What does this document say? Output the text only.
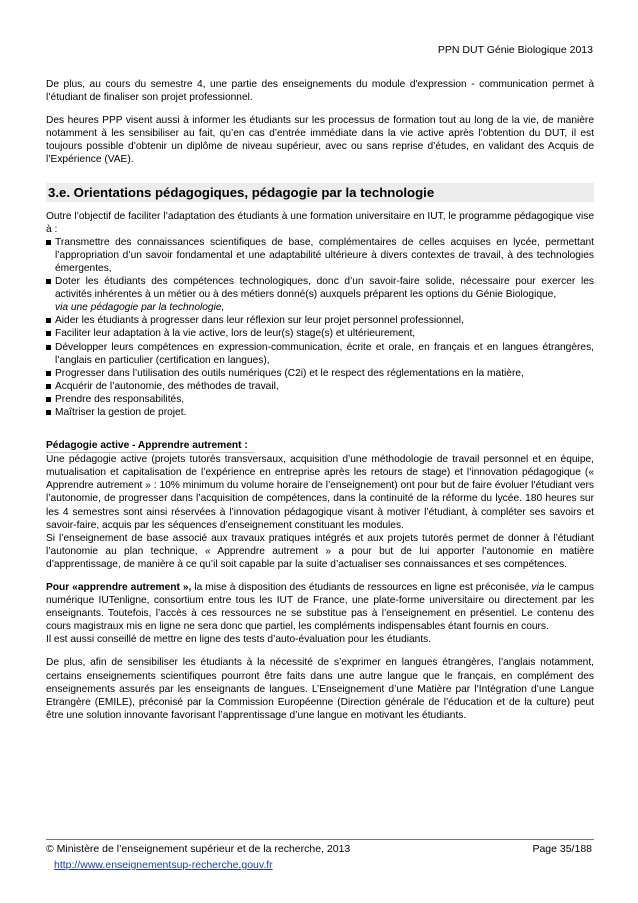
PPN DUT Génie Biologique 2013

De plus, au cours du semestre 4, une partie des enseignements du module d'expression - communication permet à l’étudiant de finaliser son projet professionnel.

Des heures PPP visent aussi à informer les étudiants sur les processus de formation tout au long de la vie, de manière notamment à les sensibiliser au fait, qu’en cas d’entrée immédiate dans la vie active après l’obtention du DUT, il est toujours possible d’obtenir un diplôme de niveau supérieur, avec ou sans reprise d’études, en validant des Acquis de l’Expérience (VAE).

3.e. Orientations pédagogiques, pédagogie par la technologie

Outre l’objectif de faciliter l’adaptation des étudiants à une formation universitaire en IUT, le programme pédagogique vise à :

Transmettre des connaissances scientifiques de base, complémentaires de celles acquises en lycée, permettant l’appropriation d’un savoir fondamental et une adaptabilité ultérieure à divers contextes de travail, à des technologies émergentes,
Doter les étudiants des compétences technologiques, donc d’un savoir-faire solide, nécessaire pour exercer les activités inhérentes à un métier ou à des métiers donné(s) auxquels préparent les options du Génie Biologique,
via une pédagogie par la technologie,
Aider les étudiants à progresser dans leur réflexion sur leur projet personnel professionnel,
Faciliter leur adaptation à la vie active, lors de leur(s) stage(s) et ultérieurement,
Développer leurs compétences en expression-communication, écrite et orale, en français et en langues étrangères, l’anglais en particulier (certification en langues),
Progresser dans l’utilisation des outils numériques (C2i) et le respect des réglementations en la matière,
Acquérir de l’autonomie, des méthodes de travail,
Prendre des responsabilités,
Maîtriser la gestion de projet.
Pédagogie active - Apprendre autrement :

Une pédagogie active (projets tutorés transversaux, acquisition d’une méthodologie de travail personnel et en équipe, mutualisation et capitalisation de l’expérience en entreprise après les retours de stage) et l’innovation pédagogique (« Apprendre autrement » : 10% minimum du volume horaire de l’enseignement) ont pour but de faire évoluer l’étudiant vers l’autonomie, de progresser dans l’acquisition de compétences, dans la continuité de la réforme du lycée. 180 heures sur les 4 semestres sont ainsi réservées à l’innovation pédagogique visant à motiver l’étudiant, à compléter ses savoirs et savoir-faire, acquis par les séquences d’enseignement constituant les modules.

Si l’enseignement de base associé aux travaux pratiques intégrés et aux projets tutorés permet de donner à l’étudiant l’autonomie au plan technique, « Apprendre autrement » a pour but de lui apporter l’autonomie en matière d’apprentissage, de manière à ce qu’il soit capable par la suite d’actualiser ses connaissances et ses compétences.

Pour «apprendre autrement », la mise à disposition des étudiants de ressources en ligne est préconisée, via le campus numérique IUTenligne, consortium entre tous les IUT de France, une plate-forme universitaire ou directement par les enseignants. Toutefois, l’accès à ces ressources ne se substitue pas à l’enseignement en présentiel. Le contenu des cours magistraux mis en ligne ne sera donc que partiel, les compléments indispensables étant fournis en cours.

Il est aussi conseillé de mettre en ligne des tests d’auto-évaluation pour les étudiants.

De plus, afin de sensibiliser les étudiants à la nécessité de s’exprimer en langues étrangères, l’anglais notamment, certains enseignements scientifiques pourront être faits dans une autre langue que le français, en complément des enseignements assurés par les enseignants de langues. L’Enseignement d’une Matière par l’Intégration d’une Langue Etrangère (EMILE), préconisé par la Commission Européenne (Direction générale de l’éducation et de la culture) peut être une solution innovante favorisant l’apprentissage d’une langue en motivant les étudiants.

© Ministère de l’enseignement supérieur et de la recherche, 2013	Page 35/188
http://www.enseignementsup-recherche.gouv.fr
